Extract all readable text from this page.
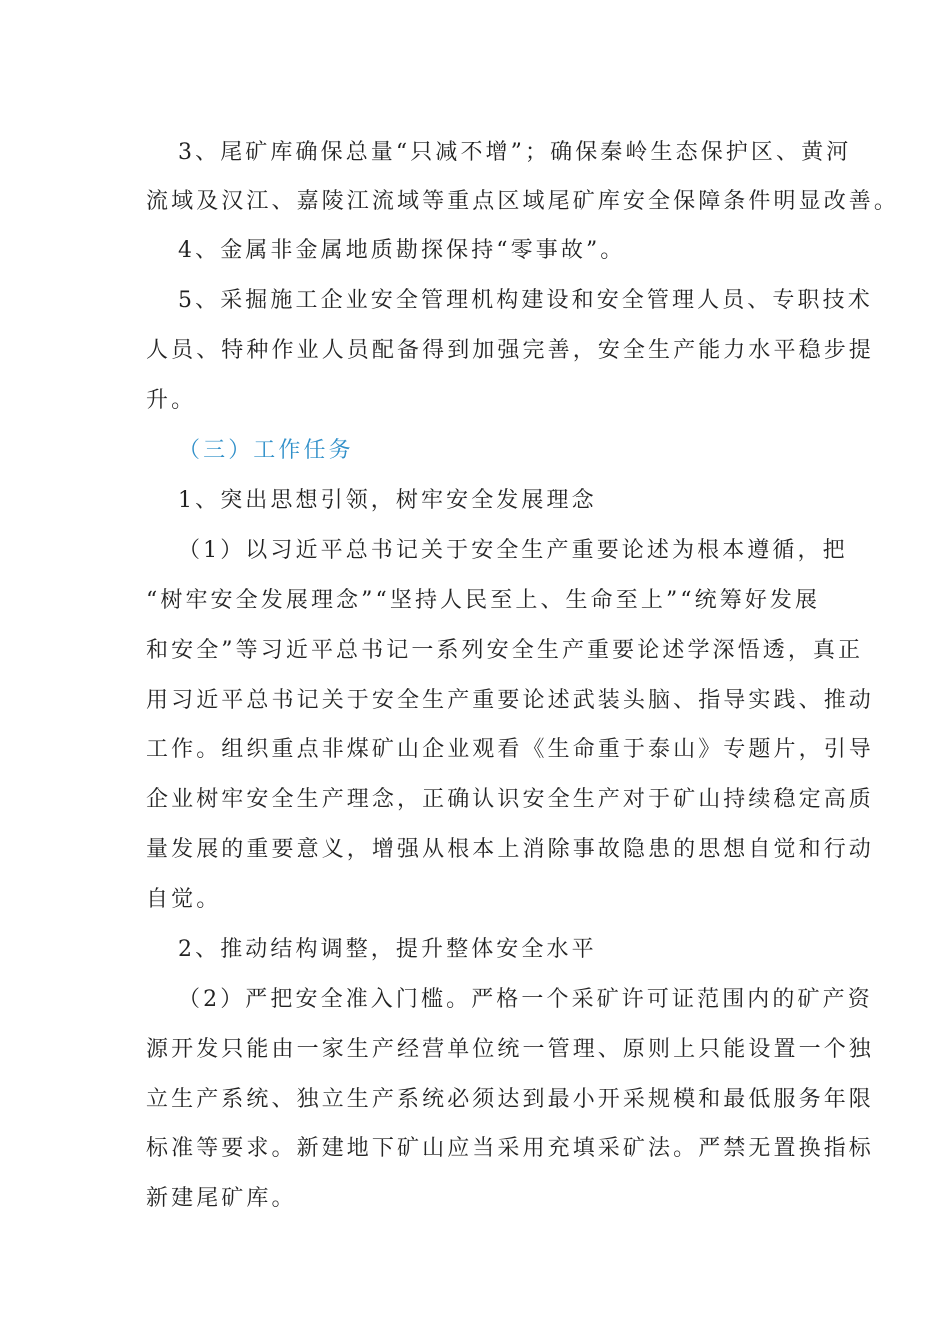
3、尾矿库确保总量“只减不增”；确保秦岭生态保护区、黄河
流域及汉江、嘉陵江流域等重点区域尾矿库安全保障条件明显改善。
4、金属非金属地质勘探保持“零事故”。
5、采掘施工企业安全管理机构建设和安全管理人员、专职技术
人员、特种作业人员配备得到加强完善，安全生产能力水平稳步提
升。
（三）工作任务
1、突出思想引领，树牢安全发展理念
（1）以习近平总书记关于安全生产重要论述为根本遵循，把
“树牢安全发展理念”“坚持人民至上、生命至上”“统筹好发展
和安全”等习近平总书记一系列安全生产重要论述学深悟透，真正
用习近平总书记关于安全生产重要论述武装头脑、指导实践、推动
工作。组织重点非煤矿山企业观看《生命重于泰山》专题片，引导
企业树牢安全生产理念，正确认识安全生产对于矿山持续稳定高质
量发展的重要意义，增强从根本上消除事故隐患的思想自觉和行动
自觉。
2、推动结构调整，提升整体安全水平
（2）严把安全准入门槛。严格一个采矿许可证范围内的矿产资
源开发只能由一家生产经营单位统一管理、原则上只能设置一个独
立生产系统、独立生产系统必须达到最小开采规模和最低服务年限
标准等要求。新建地下矿山应当采用充填采矿法。严禁无置换指标
新建尾矿库。
